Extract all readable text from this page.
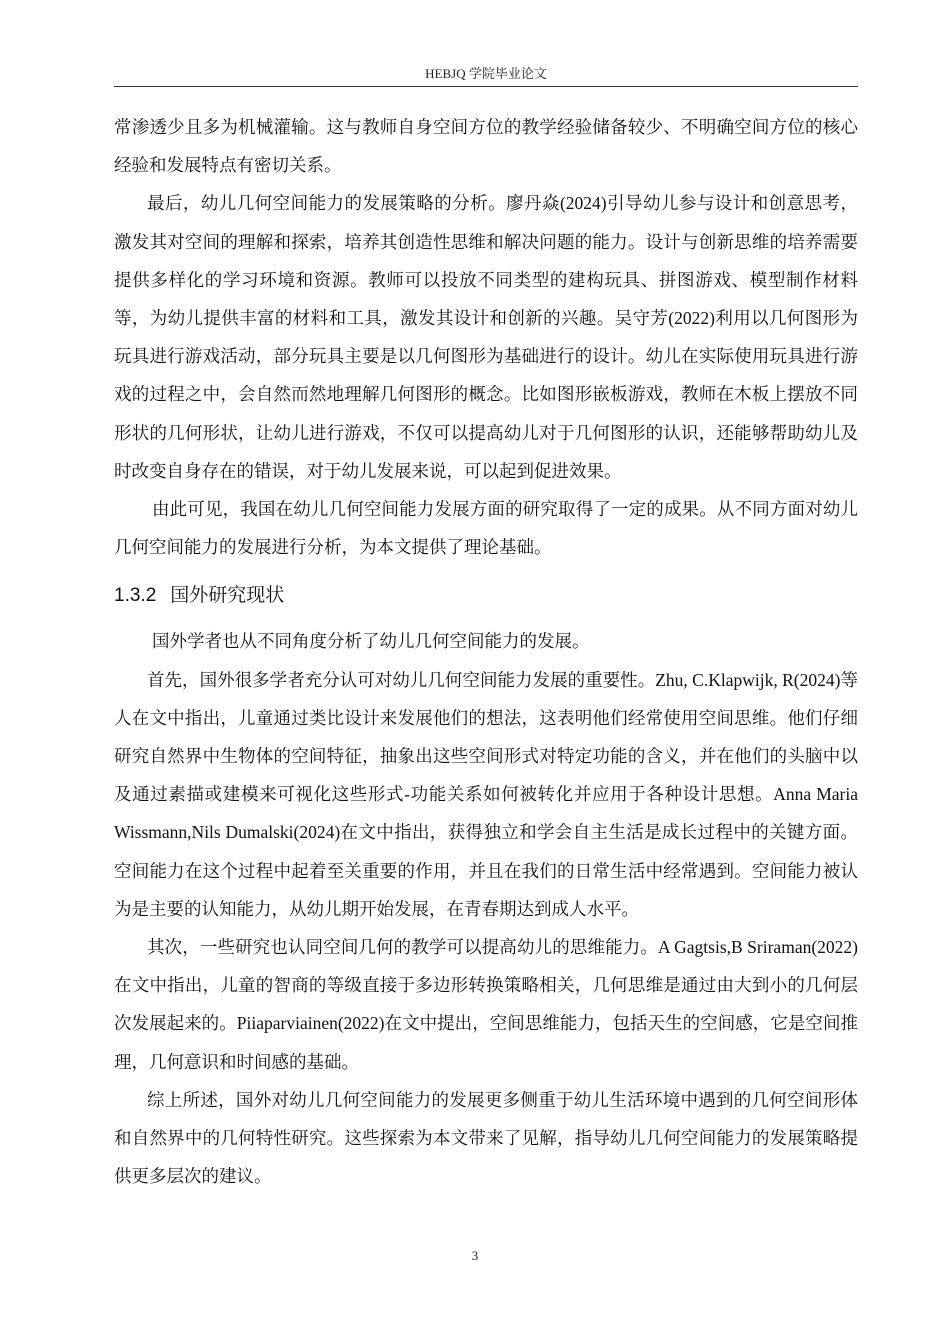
HEBJQ 学院毕业论文

常渗透少且多为机械灌输。这与教师自身空间方位的教学经验储备较少、不明确空间方位的核心经验和发展特点有密切关系。

最后，幼儿几何空间能力的发展策略的分析。廖丹焱(2024)引导幼儿参与设计和创意思考，激发其对空间的理解和探索，培养其创造性思维和解决问题的能力。设计与创新思维的培养需要提供多样化的学习环境和资源。教师可以投放不同类型的建构玩具、拼图游戏、模型制作材料等，为幼儿提供丰富的材料和工具，激发其设计和创新的兴趣。吴守芳(2022)利用以几何图形为玩具进行游戏活动，部分玩具主要是以几何图形为基础进行的设计。幼儿在实际使用玩具进行游戏的过程之中，会自然而然地理解几何图形的概念。比如图形嵌板游戏，教师在木板上摆放不同形状的几何形状，让幼儿进行游戏，不仅可以提高幼儿对于几何图形的认识，还能够帮助幼儿及时改变自身存在的错误，对于幼儿发展来说，可以起到促进效果。

由此可见，我国在幼儿几何空间能力发展方面的研究取得了一定的成果。从不同方面对幼儿几何空间能力的发展进行分析，为本文提供了理论基础。

1.3.2 国外研究现状

国外学者也从不同角度分析了幼儿几何空间能力的发展。

首先，国外很多学者充分认可对幼儿几何空间能力发展的重要性。Zhu, C.Klapwijk, R(2024)等人在文中指出，儿童通过类比设计来发展他们的想法，这表明他们经常使用空间思维。他们仔细研究自然界中生物体的空间特征，抽象出这些空间形式对特定功能的含义，并在他们的头脑中以及通过素描或建模来可视化这些形式-功能关系如何被转化并应用于各种设计思想。Anna Maria Wissmann,Nils Dumalski(2024)在文中指出，获得独立和学会自主生活是成长过程中的关键方面。空间能力在这个过程中起着至关重要的作用，并且在我们的日常生活中经常遇到。空间能力被认为是主要的认知能力，从幼儿期开始发展，在青春期达到成人水平。

其次，一些研究也认同空间几何的教学可以提高幼儿的思维能力。A Gagtsis,B Sriraman(2022)在文中指出，儿童的智商的等级直接于多边形转换策略相关，几何思维是通过由大到小的几何层次发展起来的。Piiaparviainen(2022)在文中提出，空间思维能力，包括天生的空间感，它是空间推理，几何意识和时间感的基础。

综上所述，国外对幼儿几何空间能力的发展更多侧重于幼儿生活环境中遇到的几何空间形体和自然界中的几何特性研究。这些探索为本文带来了见解，指导幼儿几何空间能力的发展策略提供更多层次的建议。

3
